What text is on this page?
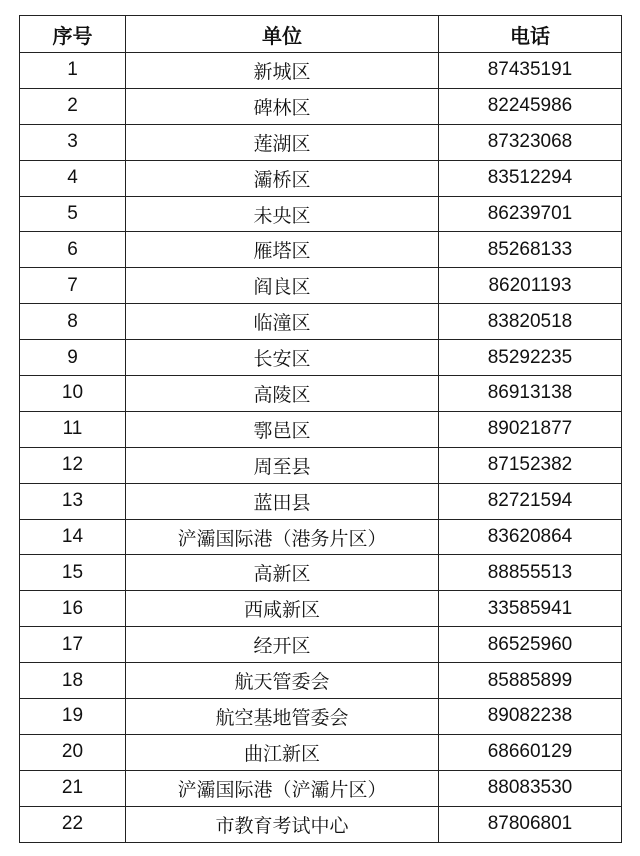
序号	单位	电话
1	新城区	87435191
2	碑林区	82245986
3	莲湖区	87323068
4	灞桥区	83512294
5	未央区	86239701
6	雁塔区	85268133
7	阎良区	86201193
8	临潼区	83820518
9	长安区	85292235
10	高陵区	86913138
11	鄠邑区	89021877
12	周至县	87152382
13	蓝田县	82721594
14	浐灞国际港（港务片区）	83620864
15	高新区	88855513
16	西咸新区	33585941
17	经开区	86525960
18	航天管委会	85885899
19	航空基地管委会	89082238
20	曲江新区	68660129
21	浐灞国际港（浐灞片区）	88083530
22	市教育考试中心	87806801
